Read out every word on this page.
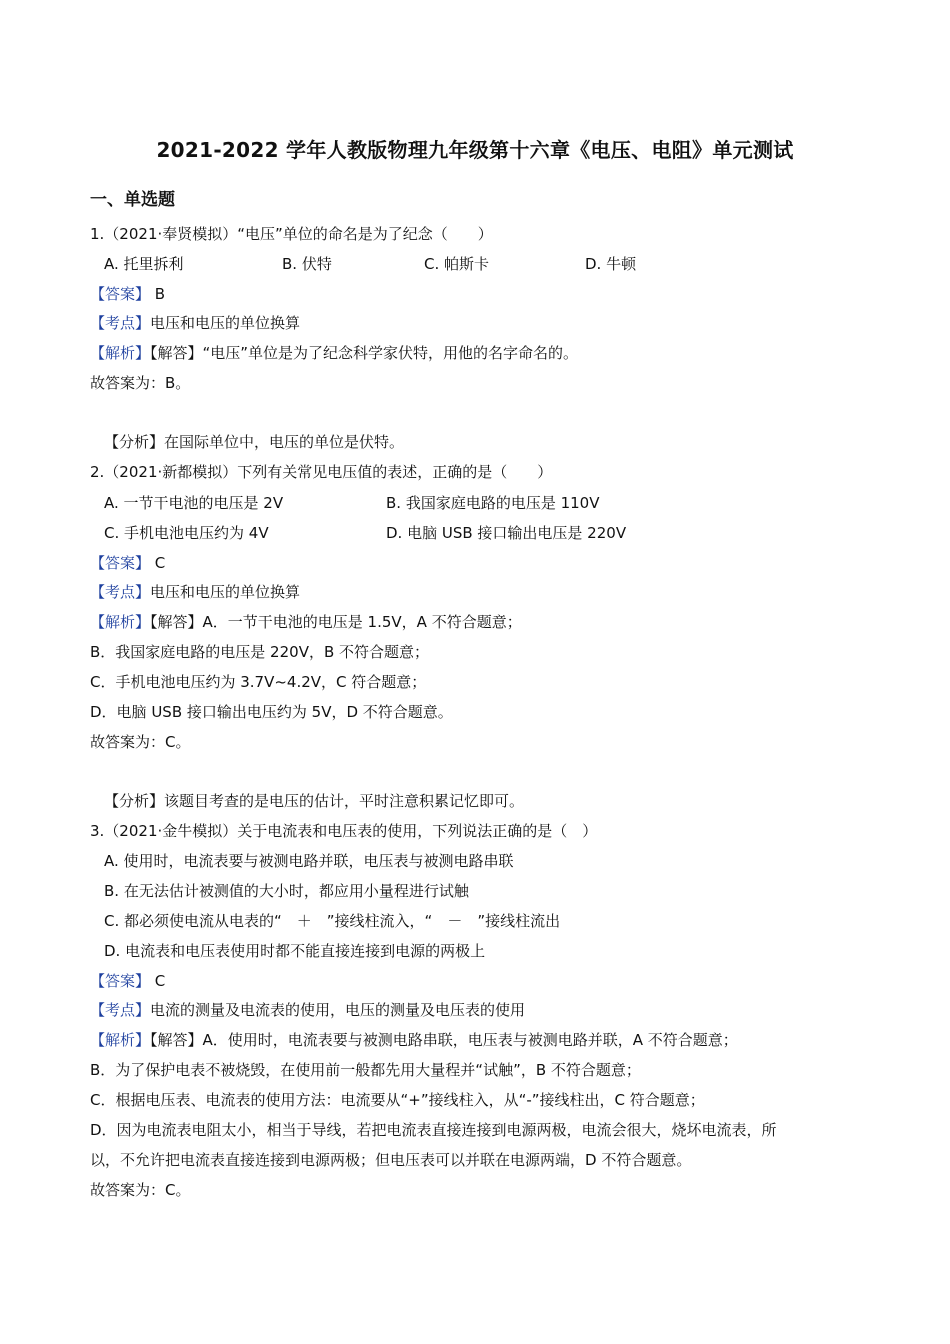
2021-2022 学年人教版物理九年级第十六章《电压、电阻》单元测试
一、单选题
1.（2021·奉贤模拟）“电压”单位的命名是为了纪念（　　）
A. 托里拆利	B. 伏特	C. 帕斯卡	D. 牛顿
【答案】 B
【考点】电压和电压的单位换算
【解析】【解答】“电压”单位是为了纪念科学家伏特，用他的名字命名的。
故答案为：B。
【分析】在国际单位中，电压的单位是伏特。
2.（2021·新都模拟）下列有关常见电压值的表述，正确的是（　　）
A. 一节干电池的电压是 2V	B. 我国家庭电路的电压是 110V
C. 手机电池电压约为 4V	D. 电脑 USB 接口输出电压是 220V
【答案】 C
【考点】电压和电压的单位换算
【解析】【解答】A．一节干电池的电压是 1.5V，A 不符合题意；
B．我国家庭电路的电压是 220V，B 不符合题意；
C．手机电池电压约为 3.7V~4.2V，C 符合题意；
D．电脑 USB 接口输出电压约为 5V，D 不符合题意。
故答案为：C。
【分析】该题目考查的是电压的估计，平时注意积累记忆即可。
3.（2021·金牛模拟）关于电流表和电压表的使用，下列说法正确的是（　）
A. 使用时，电流表要与被测电路并联，电压表与被测电路串联
B. 在无法估计被测值的大小时，都应用小量程进行试触
C. 都必须使电流从电表的“　＋　”接线柱流入，“　－　”接线柱流出
D. 电流表和电压表使用时都不能直接连接到电源的两极上
【答案】 C
【考点】电流的测量及电流表的使用，电压的测量及电压表的使用
【解析】【解答】A．使用时，电流表要与被测电路串联，电压表与被测电路并联，A 不符合题意；
B．为了保护电表不被烧毁，在使用前一般都先用大量程并“试触”，B 不符合题意；
C．根据电压表、电流表的使用方法：电流要从“+”接线柱入，从“-”接线柱出，C 符合题意；
D．因为电流表电阻太小，相当于导线，若把电流表直接连接到电源两极，电流会很大，烧坏电流表，所
以，不允许把电流表直接连接到电源两极；但电压表可以并联在电源两端，D 不符合题意。
故答案为：C。
